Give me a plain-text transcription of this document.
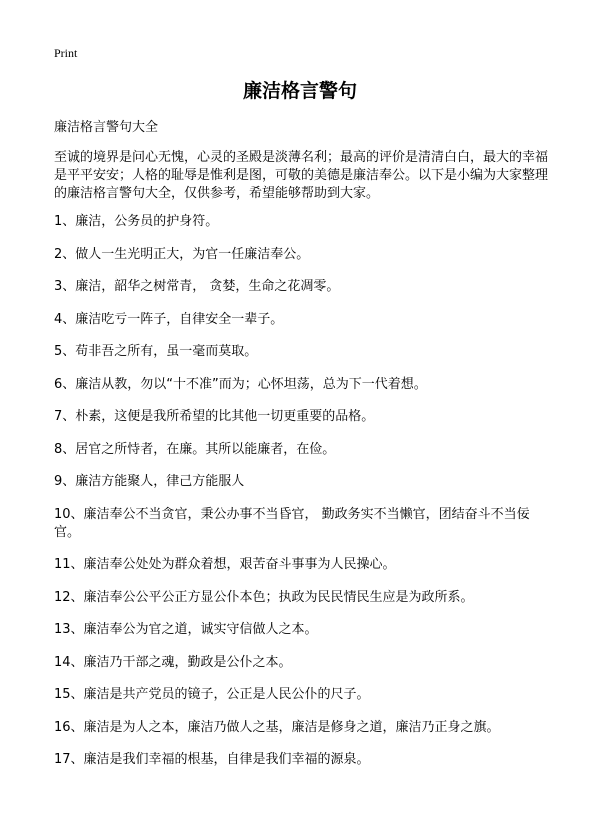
Print
廉洁格言警句

廉洁格言警句大全

至诚的境界是问心无愧，心灵的圣殿是淡薄名利；最高的评价是清清白白，最大的幸福是平平安安；人格的耻辱是惟利是图，可敬的美德是廉洁奉公。以下是小编为大家整理的廉洁格言警句大全，仅供参考，希望能够帮助到大家。

1、廉洁，公务员的护身符。
2、做人一生光明正大，为官一任廉洁奉公。
3、廉洁，韶华之树常青， 贪婪，生命之花凋零。
4、廉洁吃亏一阵子，自律安全一辈子。
5、苟非吾之所有，虽一毫而莫取。
6、廉洁从教，勿以“十不准”而为；心怀坦荡，总为下一代着想。
7、朴素，这便是我所希望的比其他一切更重要的品格。
8、居官之所恃者，在廉。其所以能廉者，在俭。
9、廉洁方能聚人，律己方能服人
10、廉洁奉公不当贪官，秉公办事不当昏官， 勤政务实不当懒官，团结奋斗不当佞官。
11、廉洁奉公处处为群众着想，艰苦奋斗事事为人民操心。
12、廉洁奉公公平公正方显公仆本色；执政为民民情民生应是为政所系。
13、廉洁奉公为官之道，诚实守信做人之本。
14、廉洁乃干部之魂，勤政是公仆之本。
15、廉洁是共产党员的镜子，公正是人民公仆的尺子。
16、廉洁是为人之本，廉洁乃做人之基，廉洁是修身之道，廉洁乃正身之旗。
17、廉洁是我们幸福的根基，自律是我们幸福的源泉。
